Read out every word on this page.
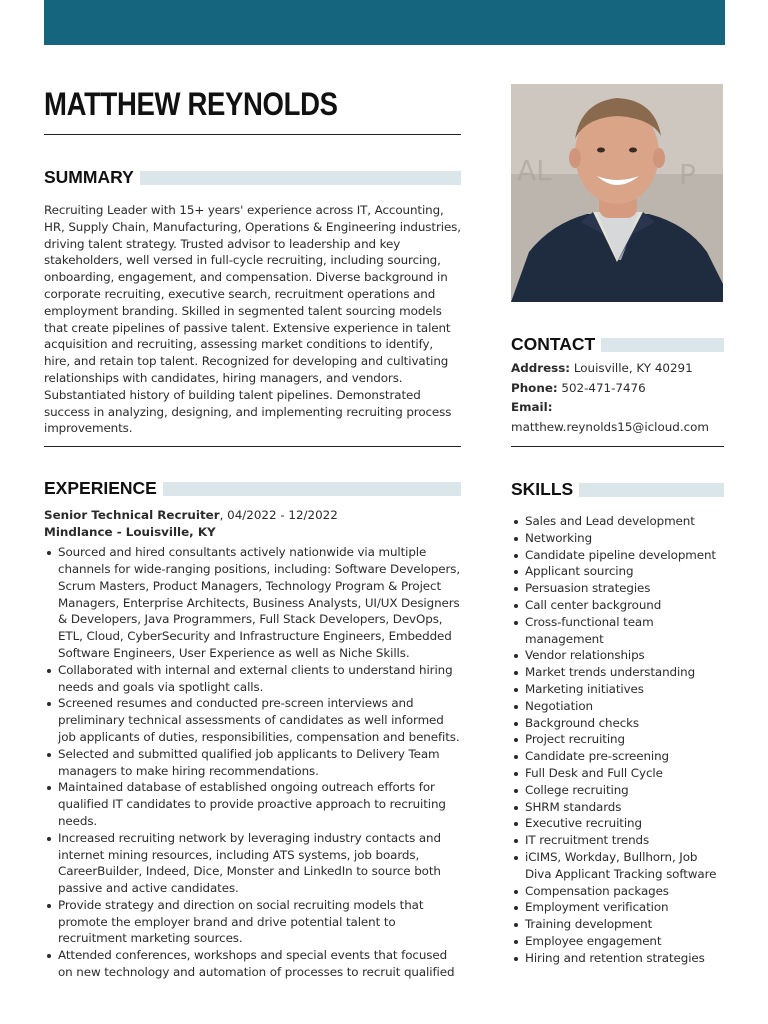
MATTHEW REYNOLDS
SUMMARY

Recruiting Leader with 15+ years' experience across IT, Accounting, HR, Supply Chain, Manufacturing, Operations & Engineering industries, driving talent strategy. Trusted advisor to leadership and key stakeholders, well versed in full-cycle recruiting, including sourcing, onboarding, engagement, and compensation. Diverse background in corporate recruiting, executive search, recruitment operations and employment branding. Skilled in segmented talent sourcing models that create pipelines of passive talent. Extensive experience in talent acquisition and recruiting, assessing market conditions to identify, hire, and retain top talent. Recognized for developing and cultivating relationships with candidates, hiring managers, and vendors. Substantiated history of building talent pipelines. Demonstrated success in analyzing, designing, and implementing recruiting process improvements.

EXPERIENCE
Senior Technical Recruiter, 04/2022 - 12/2022
Mindlance - Louisville, KY
Sourced and hired consultants actively nationwide via multiple channels for wide-ranging positions, including: Software Developers, Scrum Masters, Product Managers, Technology Program & Project Managers, Enterprise Architects, Business Analysts, UI/UX Designers & Developers, Java Programmers, Full Stack Developers, DevOps, ETL, Cloud, CyberSecurity and Infrastructure Engineers, Embedded Software Engineers, User Experience as well as Niche Skills.
Collaborated with internal and external clients to understand hiring needs and goals via spotlight calls.
Screened resumes and conducted pre-screen interviews and preliminary technical assessments of candidates as well informed job applicants of duties, responsibilities, compensation and benefits.
Selected and submitted qualified job applicants to Delivery Team managers to make hiring recommendations.
Maintained database of established ongoing outreach efforts for qualified IT candidates to provide proactive approach to recruiting needs.
Increased recruiting network by leveraging industry contacts and internet mining resources, including ATS systems, job boards, CareerBuilder, Indeed, Dice, Monster and LinkedIn to source both passive and active candidates.
Provide strategy and direction on social recruiting models that promote the employer brand and drive potential talent to recruitment marketing sources.
Attended conferences, workshops and special events that focused on new technology and automation of processes to recruit qualified
AL	P
CONTACT
Address: Louisville, KY 40291
Phone: 502-471-7476
Email:
matthew.reynolds15@icloud.com
SKILLS
Sales and Lead development
Networking
Candidate pipeline development
Applicant sourcing
Persuasion strategies
Call center background
Cross-functional team management
Vendor relationships
Market trends understanding
Marketing initiatives
Negotiation
Background checks
Project recruiting
Candidate pre-screening
Full Desk and Full Cycle
College recruiting
SHRM standards
Executive recruiting
IT recruitment trends
iCIMS, Workday, Bullhorn, Job Diva Applicant Tracking software
Compensation packages
Employment verification
Training development
Employee engagement
Hiring and retention strategies
